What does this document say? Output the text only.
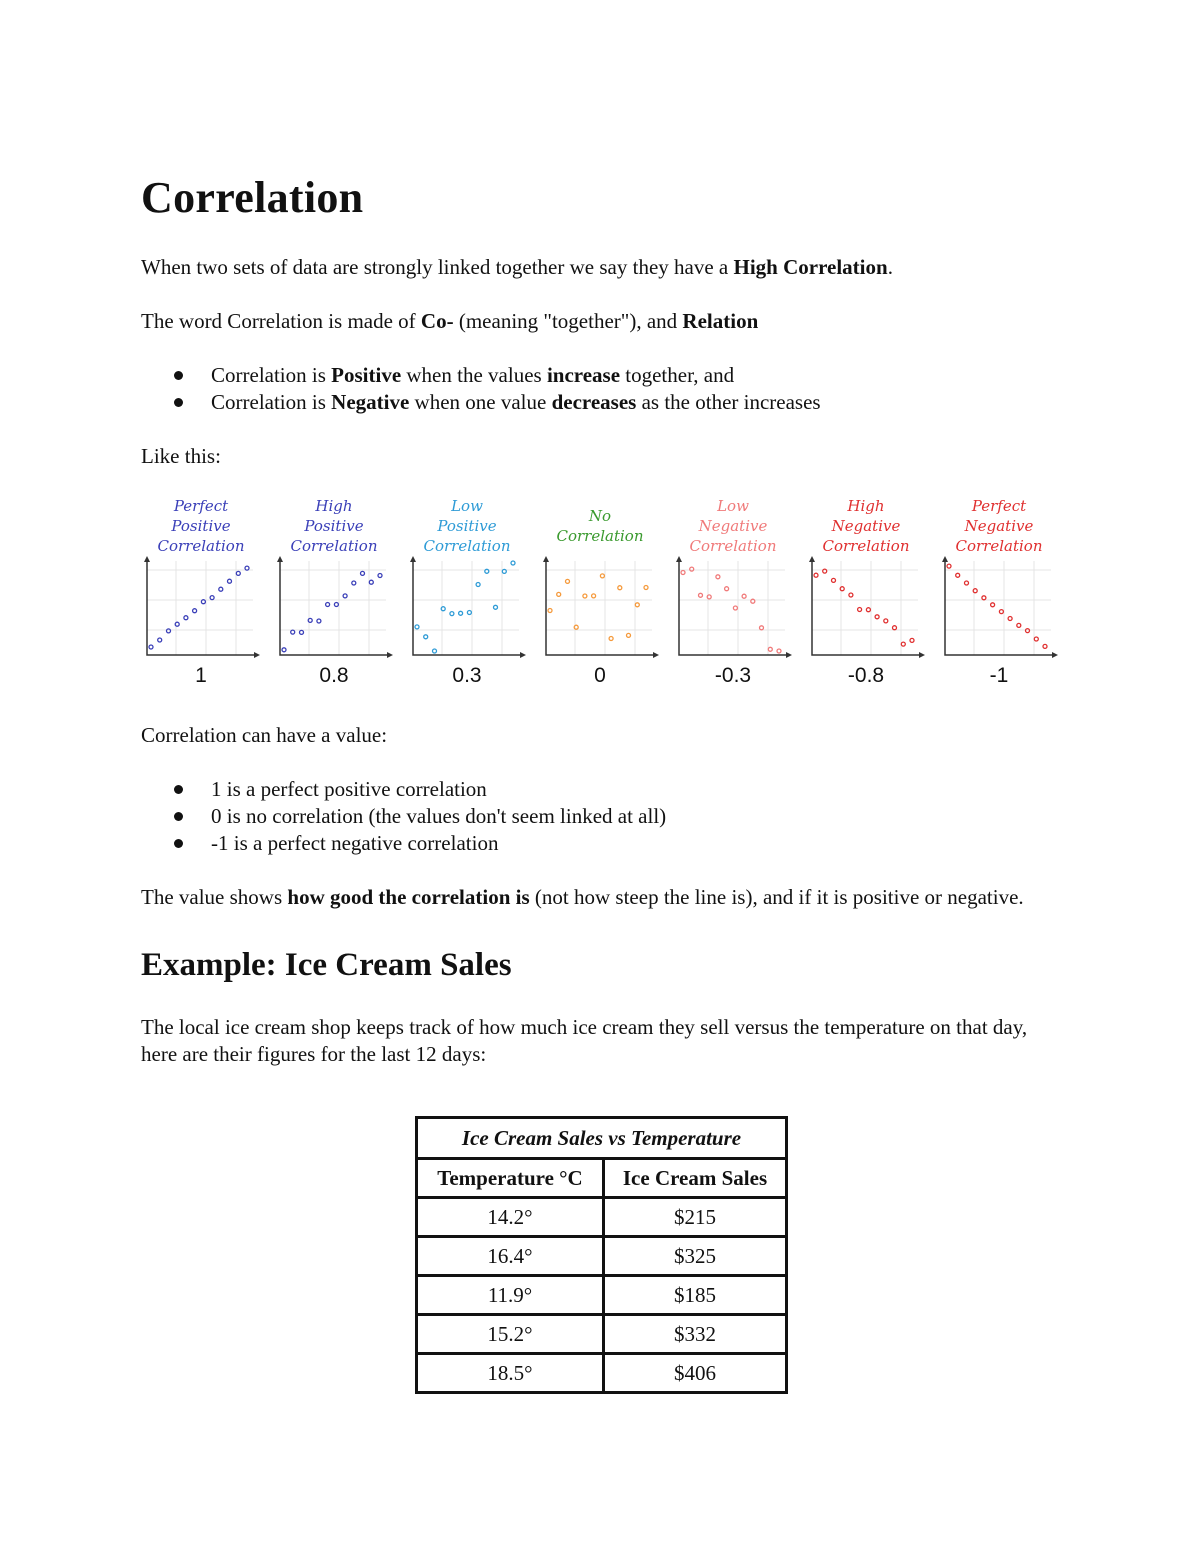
Correlation

When two sets of data are strongly linked together we say they have a High Correlation.

The word Correlation is made of Co- (meaning "together"), and Relation

Correlation is Positive when the values increase together, and
Correlation is Negative when one value decreases as the other increases

Like this:

Perfect
Positive
Correlation
1
High
Positive
Correlation
0.8
Low
Positive
Correlation
0.3
No
Correlation
0
Low
Negative
Correlation
-0.3
High
Negative
Correlation
-0.8
Perfect
Negative
Correlation
-1

Correlation can have a value:

1 is a perfect positive correlation
0 is no correlation (the values don't seem linked at all)
-1 is a perfect negative correlation

The value shows how good the correlation is (not how steep the line is), and if it is positive or negative.

Example: Ice Cream Sales

The local ice cream shop keeps track of how much ice cream they sell versus the temperature on that day, here are their figures for the last 12 days:

Ice Cream Sales vs Temperature	
Temperature °C	Ice Cream Sales
14.2°	$215
16.4°	$325
11.9°	$185
15.2°	$332
18.5°	$406
